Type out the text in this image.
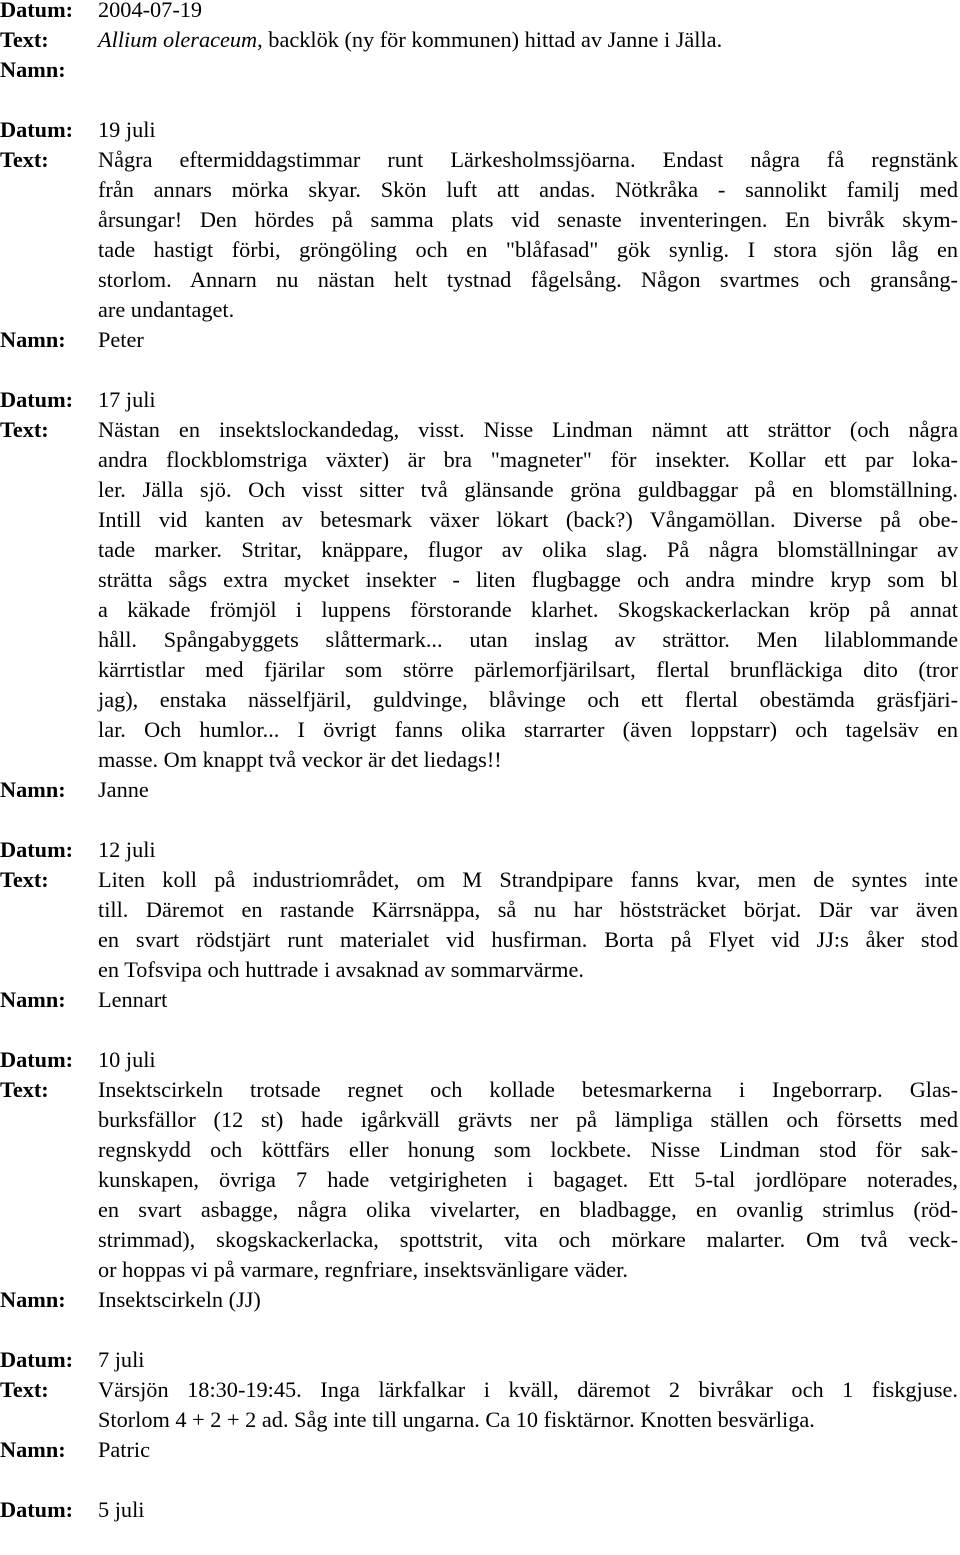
Datum:	2004-07-19
Text:	Allium oleraceum, backlök (ny för kommunen) hittad av Janne i Jälla.
Namn:
Datum:	19 juli
Text:	Några eftermiddagstimmar runt Lärkesholmssjöarna. Endast några få regnstänk
från annars mörka skyar. Skön luft att andas. Nötkråka - sannolikt familj med
årsungar! Den hördes på samma plats vid senaste inventeringen. En bivråk skym-
tade hastigt förbi, gröngöling och en "blåfasad" gök synlig. I stora sjön låg en
storlom. Annarn nu nästan helt tystnad fågelsång. Någon svartmes och gransång-
are undantaget.
Namn:	Peter
Datum:	17 juli
Text:	Nästan en insektslockandedag, visst. Nisse Lindman nämnt att strättor (och några
andra flockblomstriga växter) är bra "magneter" för insekter. Kollar ett par loka-
ler. Jälla sjö. Och visst sitter två glänsande gröna guldbaggar på en blomställning.
Intill vid kanten av betesmark växer lökart (back?) Vångamöllan. Diverse på obe-
tade marker. Stritar, knäppare, flugor av olika slag. På några blomställningar av
strätta sågs extra mycket insekter - liten flugbagge och andra mindre kryp som bl
a käkade frömjöl i luppens förstorande klarhet. Skogskackerlackan kröp på annat
håll. Spångabyggets slåttermark... utan inslag av strättor. Men lilablommande
kärrtistlar med fjärilar som större pärlemorfjärilsart, flertal brunfläckiga dito (tror
jag), enstaka nässelfjäril, guldvinge, blåvinge och ett flertal obestämda gräsfjäri-
lar. Och humlor... I övrigt fanns olika starrarter (även loppstarr) och tagelsäv en
masse. Om knappt två veckor är det liedags!!
Namn:	Janne
Datum:	12 juli
Text:	Liten koll på industriområdet, om M Strandpipare fanns kvar, men de syntes inte
till. Däremot en rastande Kärrsnäppa, så nu har höststräcket börjat. Där var även
en svart rödstjärt runt materialet vid husfirman. Borta på Flyet vid JJ:s åker stod
en Tofsvipa och huttrade i avsaknad av sommarvärme.
Namn:	Lennart
Datum:	10 juli
Text:	Insektscirkeln trotsade regnet och kollade betesmarkerna i Ingeborrarp. Glas-
burksfällor (12 st) hade igårkväll grävts ner på lämpliga ställen och försetts med
regnskydd och köttfärs eller honung som lockbete. Nisse Lindman stod för sak-
kunskapen, övriga 7 hade vetgirigheten i bagaget. Ett 5-tal jordlöpare noterades,
en svart asbagge, några olika vivelarter, en bladbagge, en ovanlig strimlus (röd-
strimmad), skogskackerlacka, spottstrit, vita och mörkare malarter. Om två veck-
or hoppas vi på varmare, regnfriare, insektsvänligare väder.
Namn:	Insektscirkeln (JJ)
Datum:	7 juli
Text:	Värsjön 18:30-19:45. Inga lärkfalkar i kväll, däremot 2 bivråkar och 1 fiskgjuse.
Storlom 4 + 2 + 2 ad. Såg inte till ungarna. Ca 10 fisktärnor. Knotten besvärliga.
Namn:	Patric
Datum:	5 juli
